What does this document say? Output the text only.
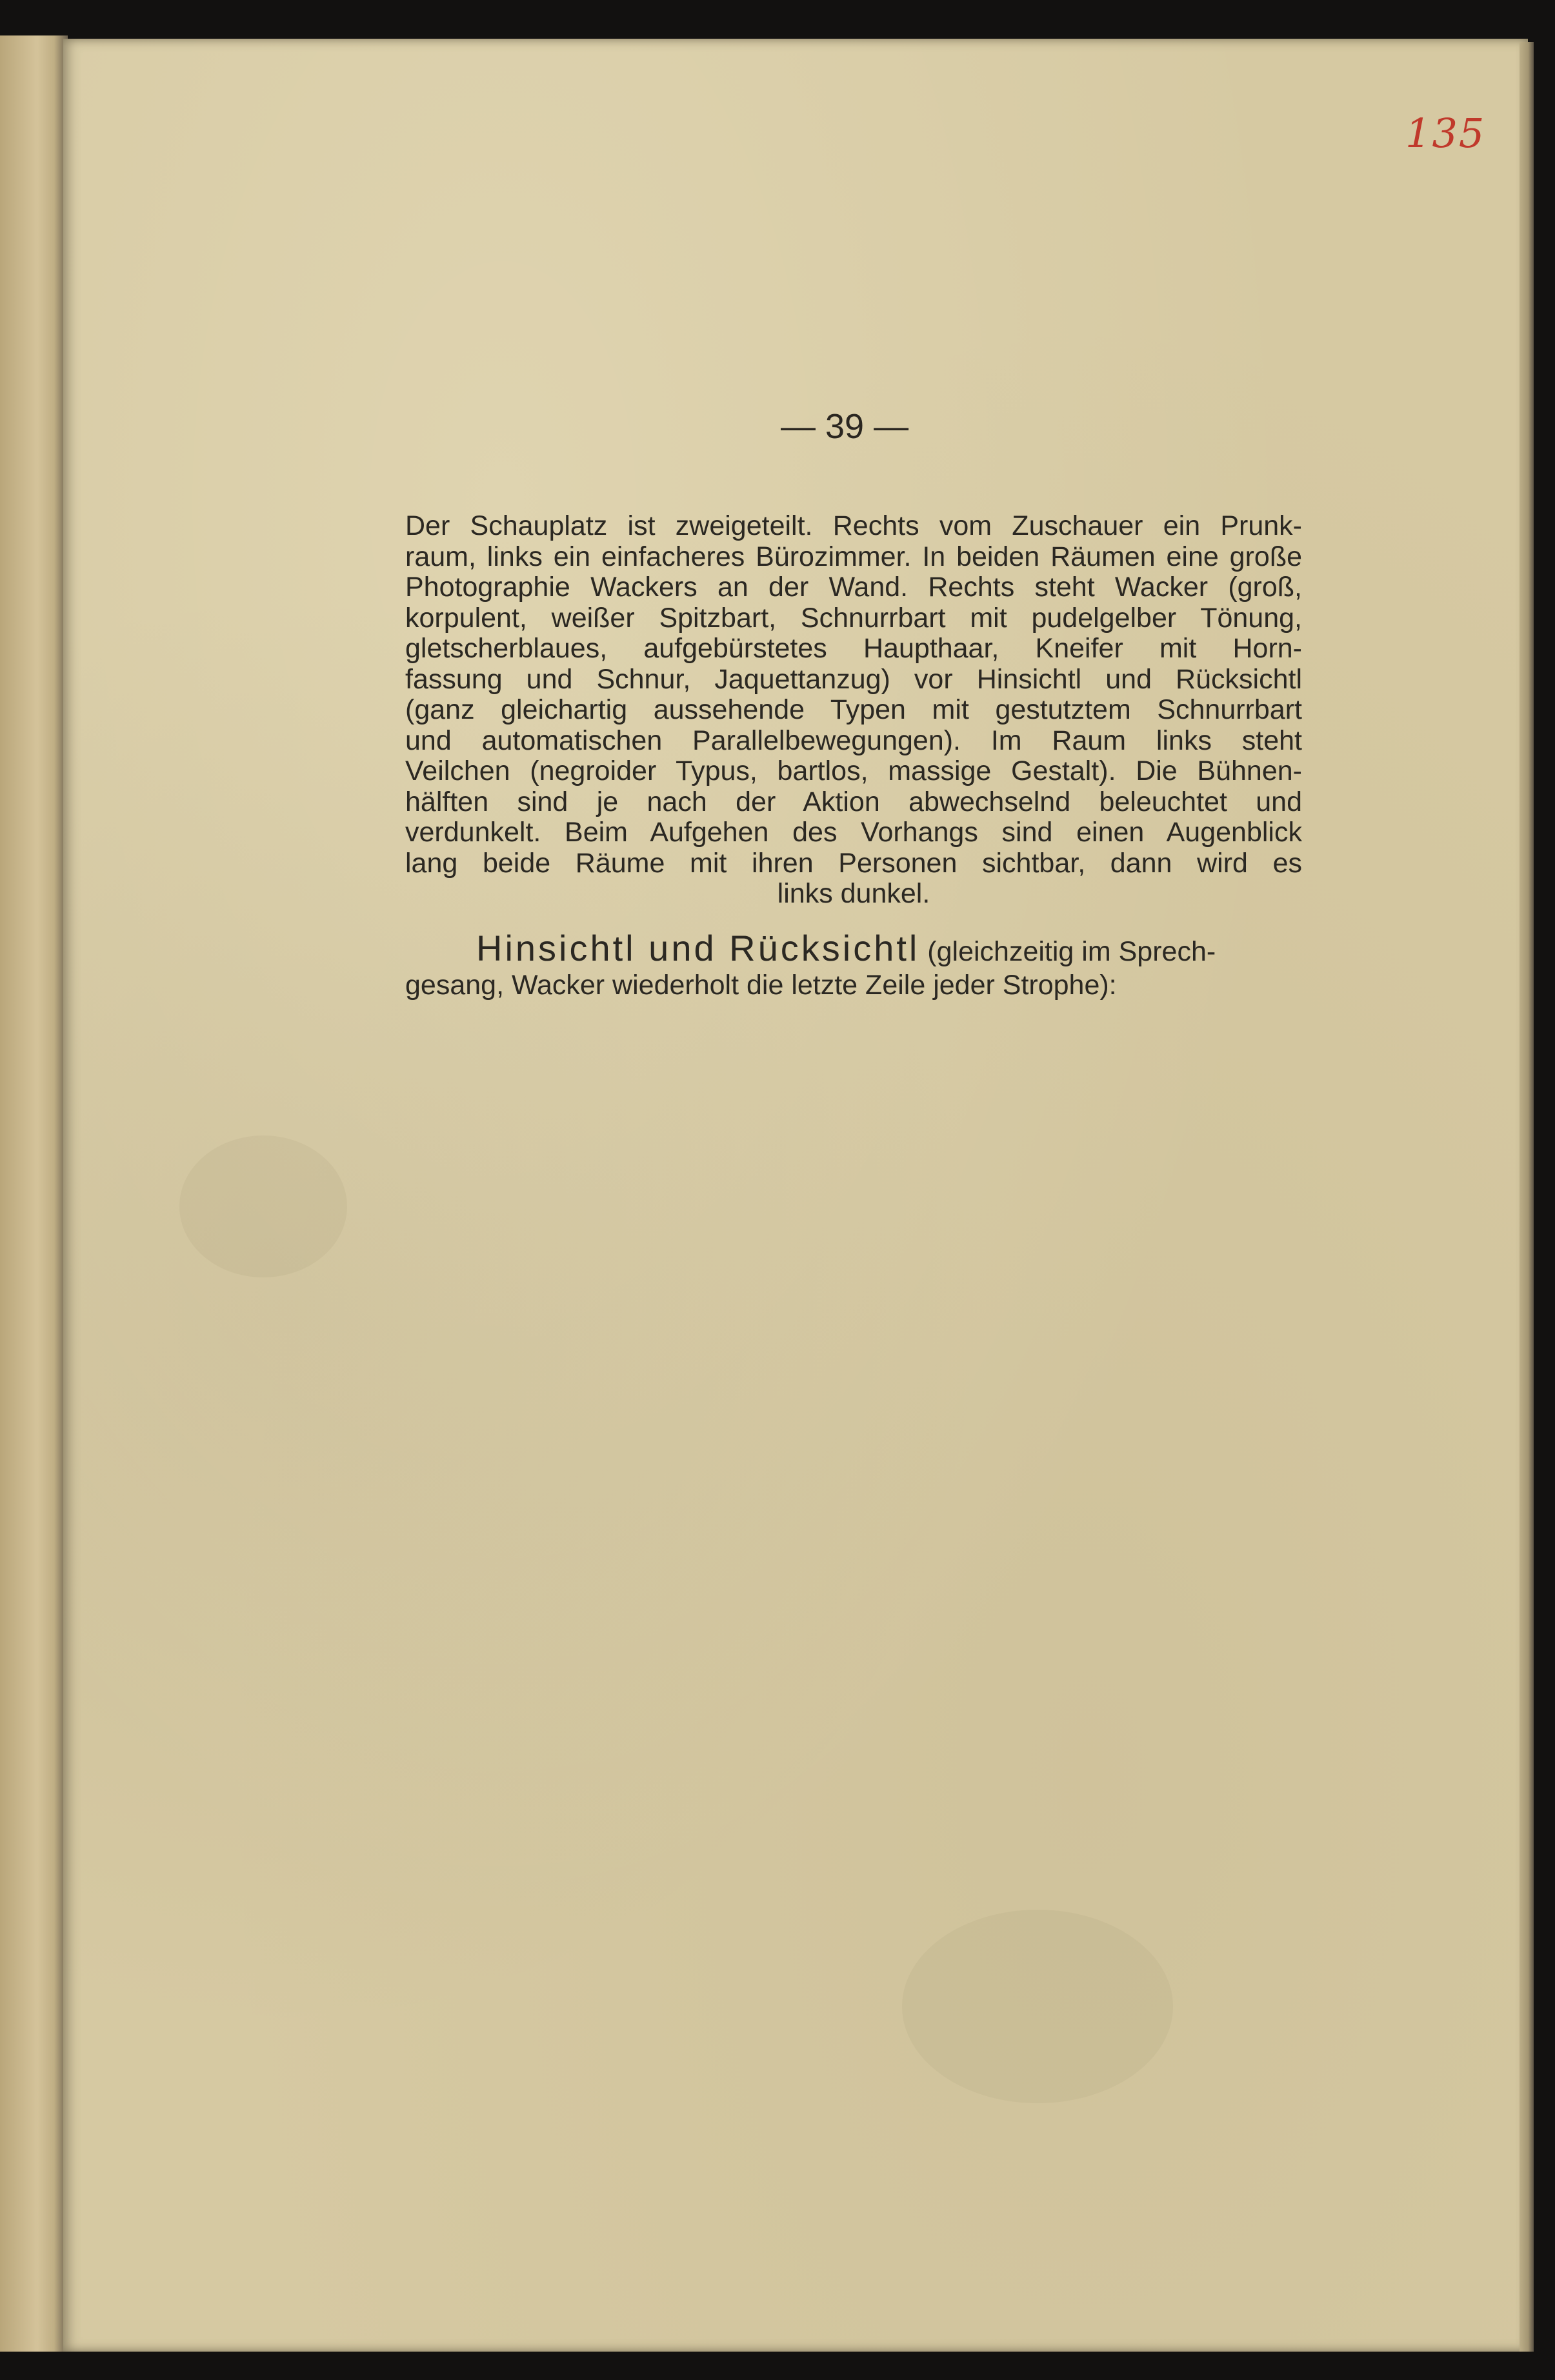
135
— 39 —
Der Schauplatz ist zweigeteilt. Rechts vom Zuschauer ein Prunk-
raum, links ein einfacheres Bürozimmer. In beiden Räumen eine große
Photographie Wackers an der Wand. Rechts steht Wacker (groß,
korpulent, weißer Spitzbart, Schnurrbart mit pudelgelber Tönung,
gletscherblaues, aufgebürstetes Haupthaar, Kneifer mit Horn-
fassung und Schnur, Jaquettanzug) vor Hinsichtl und Rücksichtl
(ganz gleichartig aussehende Typen mit gestutztem Schnurrbart
und automatischen Parallelbewegungen). Im Raum links steht
Veilchen (negroider Typus, bartlos, massige Gestalt). Die Bühnen-
hälften sind je nach der Aktion abwechselnd beleuchtet und
verdunkelt. Beim Aufgehen des Vorhangs sind einen Augenblick
lang beide Räume mit ihren Personen sichtbar, dann wird es
links dunkel.
Hinsichtl und Rücksichtl (gleichzeitig im Sprech-
gesang, Wacker wiederholt die letzte Zeile jeder Strophe):
